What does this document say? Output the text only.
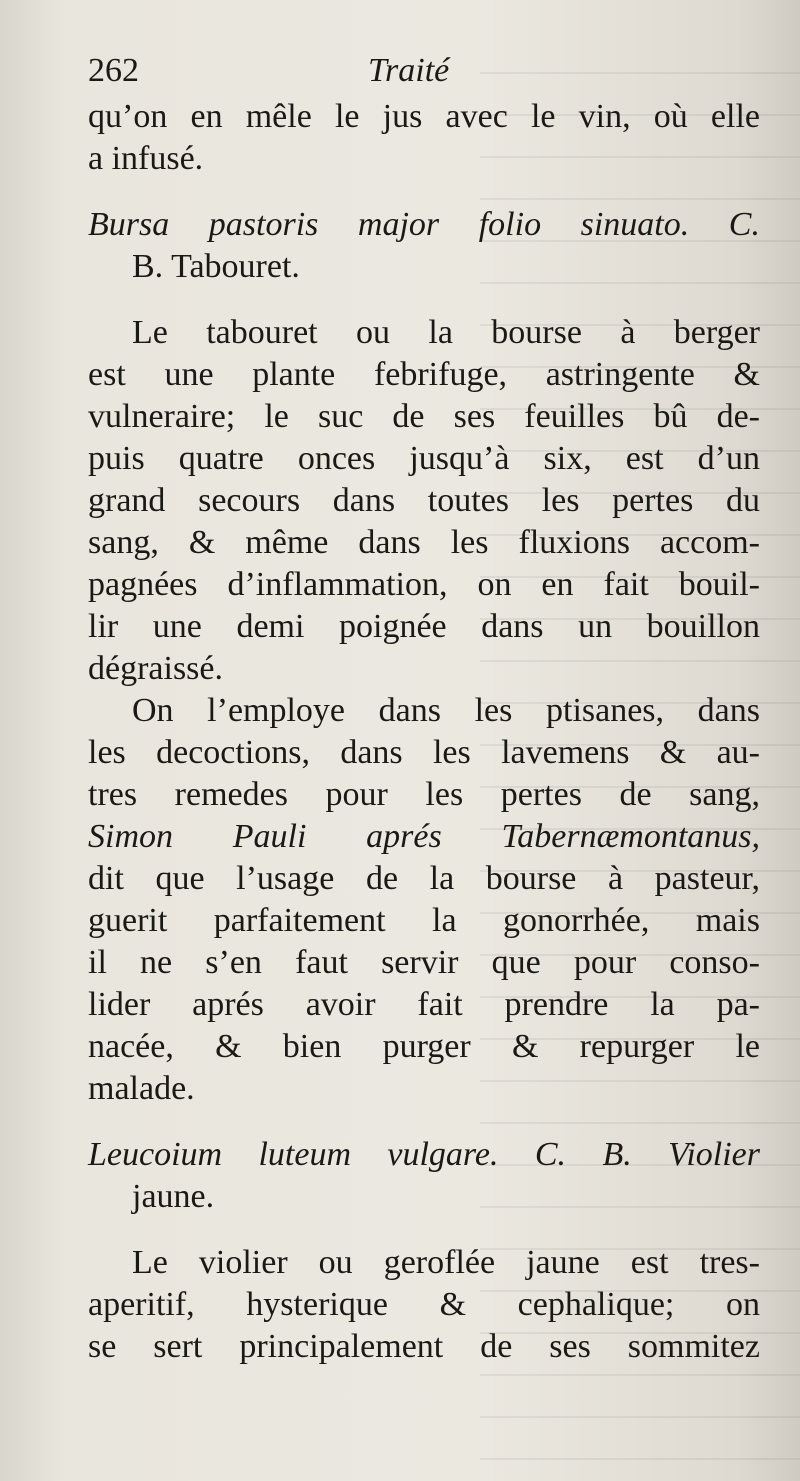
262	Traité
qu’on en mêle le jus avec le vin, où elle
a infusé.
Bursa pastoris major folio sinuato. C.
B. Tabouret.
Le tabouret ou la bourse à berger
est une plante febrifuge, astringente &
vulneraire; le suc de ses feuilles bû de-
puis quatre onces jusqu’à six, est d’un
grand secours dans toutes les pertes du
sang, & même dans les fluxions accom-
pagnées d’inflammation, on en fait bouil-
lir une demi poignée dans un bouillon
dégraissé.
On l’employe dans les ptisanes, dans
les decoctions, dans les lavemens & au-
tres remedes pour les pertes de sang,
Simon Pauli aprés Tabernæmontanus,
dit que l’usage de la bourse à pasteur,
guerit parfaitement la gonorrhée, mais
il ne s’en faut servir que pour conso-
lider aprés avoir fait prendre la pa-
nacée, & bien purger & repurger le
malade.
Leucoium luteum vulgare. C. B. Violier
jaune.
Le violier ou geroflée jaune est tres-
aperitif, hysterique & cephalique; on
se sert principalement de ses sommitez
